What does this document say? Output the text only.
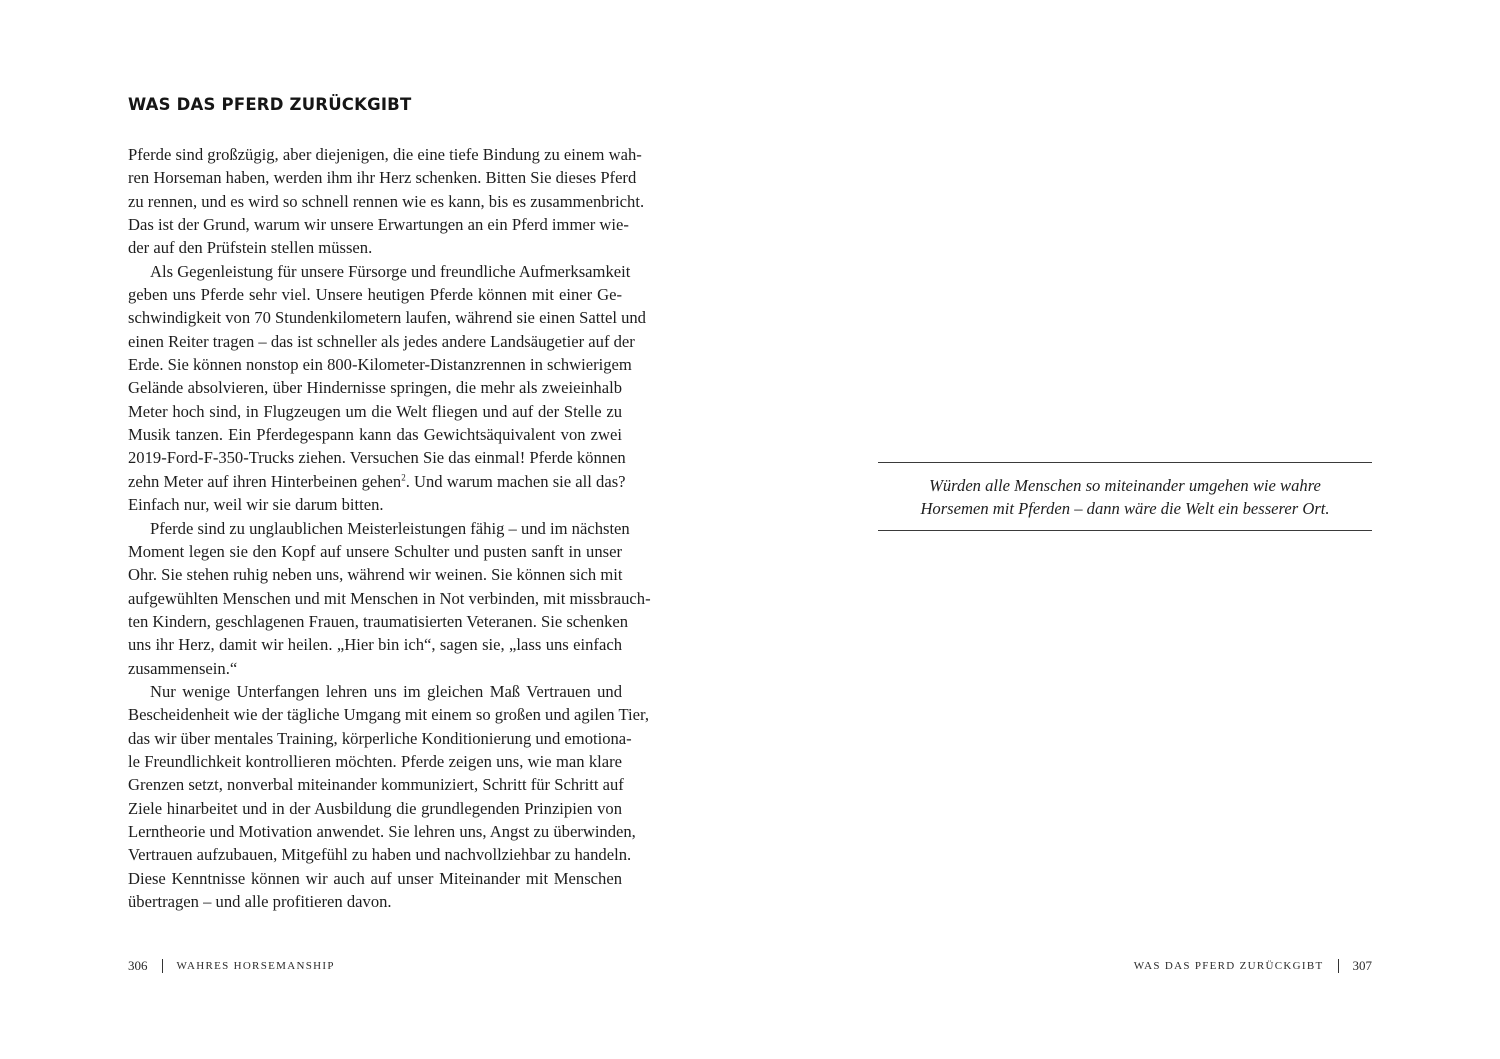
WAS DAS PFERD ZURÜCKGIBT
Pferde sind großzügig, aber diejenigen, die eine tiefe Bindung zu einem wah-
ren Horseman haben, werden ihm ihr Herz schenken. Bitten Sie dieses Pferd
zu rennen, und es wird so schnell rennen wie es kann, bis es zusammenbricht.
Das ist der Grund, warum wir unsere Erwartungen an ein Pferd immer wie-
der auf den Prüfstein stellen müssen.
Als Gegenleistung für unsere Fürsorge und freundliche Aufmerksamkeit
geben uns Pferde sehr viel. Unsere heutigen Pferde können mit einer Ge-
schwindigkeit von 70 Stundenkilometern laufen, während sie einen Sattel und
einen Reiter tragen – das ist schneller als jedes andere Landsäugetier auf der
Erde. Sie können nonstop ein 800-Kilometer-Distanzrennen in schwierigem
Gelände absolvieren, über Hindernisse springen, die mehr als zweieinhalb
Meter hoch sind, in Flugzeugen um die Welt fliegen und auf der Stelle zu
Musik tanzen. Ein Pferdegespann kann das Gewichtsäquivalent von zwei
2019-Ford-F-350-Trucks ziehen. Versuchen Sie das einmal! Pferde können
zehn Meter auf ihren Hinterbeinen gehen$^2$. Und warum machen sie all das?
Einfach nur, weil wir sie darum bitten.
Pferde sind zu unglaublichen Meisterleistungen fähig – und im nächsten
Moment legen sie den Kopf auf unsere Schulter und pusten sanft in unser
Ohr. Sie stehen ruhig neben uns, während wir weinen. Sie können sich mit
aufgewühlten Menschen und mit Menschen in Not verbinden, mit missbrauch-
ten Kindern, geschlagenen Frauen, traumatisierten Veteranen. Sie schenken
uns ihr Herz, damit wir heilen. „Hier bin ich“, sagen sie, „lass uns einfach
zusammensein.“
Nur wenige Unterfangen lehren uns im gleichen Maß Vertrauen und
Bescheidenheit wie der tägliche Umgang mit einem so großen und agilen Tier,
das wir über mentales Training, körperliche Konditionierung und emotiona-
le Freundlichkeit kontrollieren möchten. Pferde zeigen uns, wie man klare
Grenzen setzt, nonverbal miteinander kommuniziert, Schritt für Schritt auf
Ziele hinarbeitet und in der Ausbildung die grundlegenden Prinzipien von
Lerntheorie und Motivation anwendet. Sie lehren uns, Angst zu überwinden,
Vertrauen aufzubauen, Mitgefühl zu haben und nachvollziehbar zu handeln.
Diese Kenntnisse können wir auch auf unser Miteinander mit Menschen
übertragen – und alle profitieren davon.
306	WAHRES HORSEMANSHIP
Würden alle Menschen so miteinander umgehen wie wahre
Horsemen mit Pferden – dann wäre die Welt ein besserer Ort.
WAS DAS PFERD ZURÜCKGIBT 307
